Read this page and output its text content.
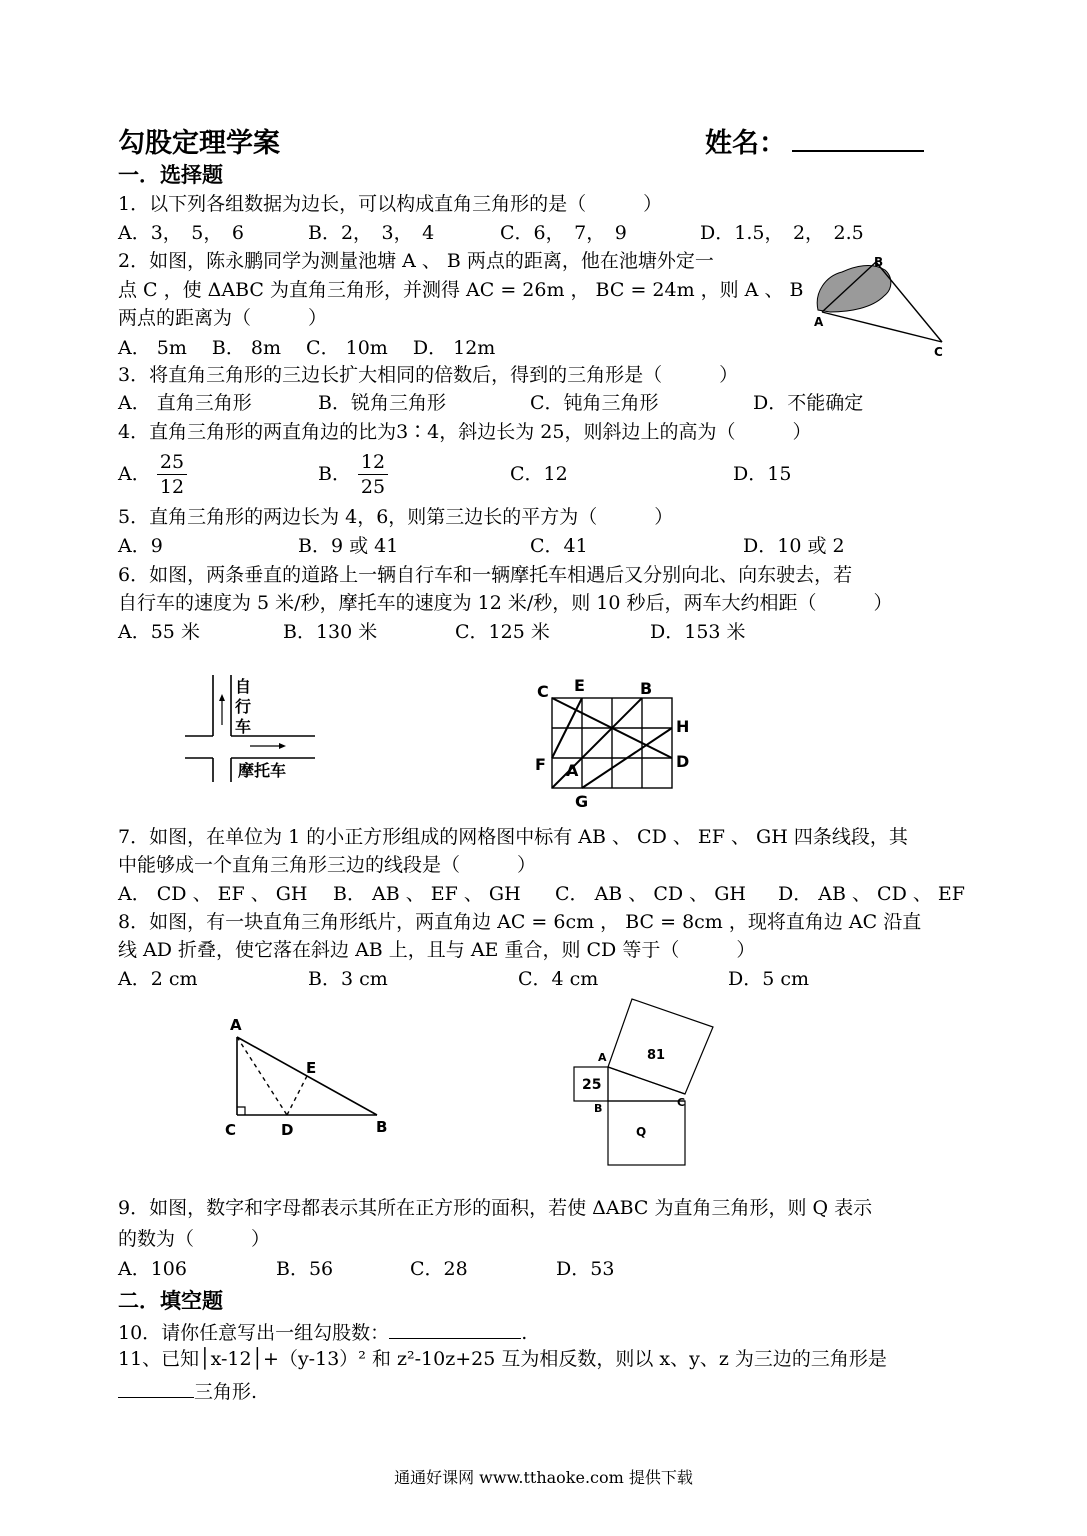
勾股定理学案	姓名：
一．选择题
1．以下列各组数据为边长，可以构成直角三角形的是（　　　）
A．3，　5，　6	B．2，　3，　4	C．6，　7，　9	D．1.5，　2，　2.5
2．如图，陈永鹏同学为测量池塘 A 、 B 两点的距离，他在池塘外定一
点 C ，使 ΔABC 为直角三角形，并测得 AC = 26m ， BC = 24m ，则 A 、 B
两点的距离为（　　　）
A． 5m　 B． 8m　 C． 10m　 D． 12m
A
B
C
3．将直角三角形的三边长扩大相同的倍数后，得到的三角形是（　　　）
A． 直角三角形	B．锐角三角形	C．钝角三角形	D．不能确定
4．直角三角形的两直角边的比为3∶4，斜边长为 25，则斜边上的高为（　　　）
A． $\frac{25}{12}$	B． $\frac{12}{25}$	C．12	D．15
5．直角三角形的两边长为 4，6，则第三边长的平方为（　　　）
A．9	B．9 或 41	C．41	D．10 或 2
6．如图，两条垂直的道路上一辆自行车和一辆摩托车相遇后又分别向北、向东驶去，若
自行车的速度为 5 米/秒，摩托车的速度为 12 米/秒，则 10 秒后，两车大约相距（　　　）
A．55 米	B．130 米	C．125 米	D．153 米
自
行
车
摩托车
C E	B
H
D
F A
G
7．如图，在单位为 1 的小正方形组成的网格图中标有 AB 、 CD 、 EF 、 GH 四条线段，其
中能够成一个直角三角形三边的线段是（　　　）
A． CD 、 EF 、 GH B． AB 、 EF 、 GH C． AB 、 CD 、 GH D． AB 、 CD 、 EF
8．如图，有一块直角三角形纸片，两直角边 AC = 6cm ， BC = 8cm ，现将直角边 AC 沿直
线 AD 折叠，使它落在斜边 AB 上，且与 AE 重合，则 CD 等于（　　　）
A．2 cm	B．3 cm	C．4 cm	D．5 cm
A
E
C	D	B
A
B	C
25
81
Q
9．如图，数字和字母都表示其所在正方形的面积，若使 ΔABC 为直角三角形，则 Q 表示
的数为（　　　）
A．106	B．56	C．28	D．53
二．填空题
10．请你任意写出一组勾股数：	.
11、已知│x-12│+（y-13）² 和 z²-10z+25 互为相反数，则以 x、y、z 为三边的三角形是
三角形.
通通好课网 www.tthaoke.com 提供下载
